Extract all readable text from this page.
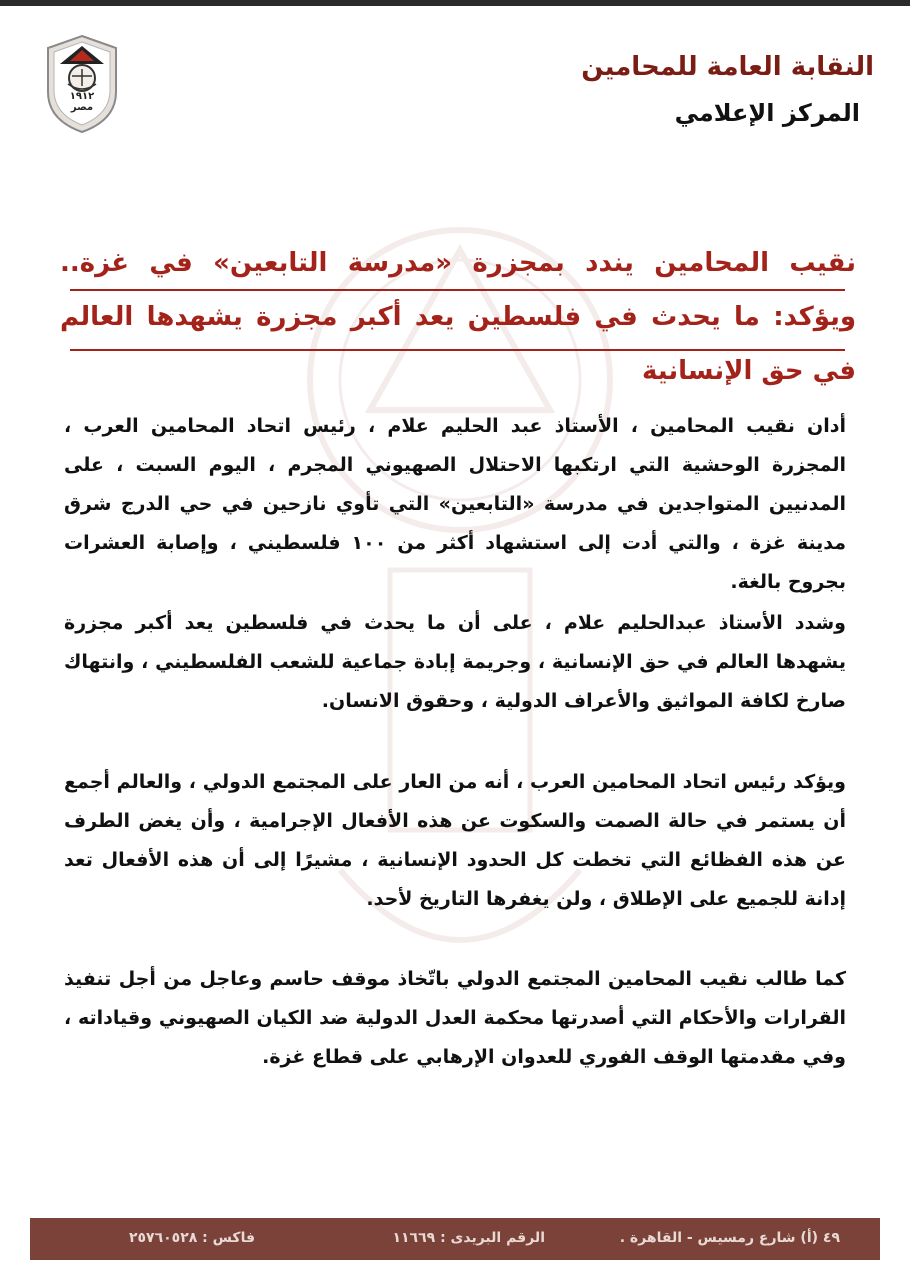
١٩١٢
مصر
النقابة العامة للمحامين
المركز الإعلامي
نقيب المحامين يندد بمجزرة «مدرسة التابعين» في غزة.. ويؤكد: ما يحدث في فلسطين يعد أكبر مجزرة يشهدها العالم في حق الإنسانية

أدان نقيب المحامين ، الأستاذ عبد الحليم علام ، رئيس اتحاد المحامين العرب ، المجزرة الوحشية التي ارتكبها الاحتلال الصهيوني المجرم ، اليوم السبت ، على المدنيين المتواجدين في مدرسة «التابعين» التي تأوي نازحين في حي الدرج شرق مدينة غزة ، والتي أدت إلى استشهاد أكثر من ١٠٠ فلسطيني ، وإصابة العشرات بجروح بالغة.

وشدد الأستاذ عبدالحليم علام ، على أن ما يحدث في فلسطين يعد أكبر مجزرة يشهدها العالم في حق الإنسانية ، وجريمة إبادة جماعية للشعب الفلسطيني ، وانتهاك صارخ لكافة المواثيق والأعراف الدولية ، وحقوق الانسان.

ويؤكد رئيس اتحاد المحامين العرب ، أنه من العار على المجتمع الدولي ، والعالم أجمع أن يستمر في حالة الصمت والسكوت عن هذه الأفعال الإجرامية ، وأن يغض الطرف عن هذه الفظائع التي تخطت كل الحدود الإنسانية ، مشيرًا إلى أن هذه الأفعال تعد إدانة للجميع على الإطلاق ، ولن يغفرها التاريخ لأحد.

كما طالب نقيب المحامين المجتمع الدولي باتّخاذ موقف حاسم وعاجل من أجل تنفيذ القرارات والأحكام التي أصدرتها محكمة العدل الدولية ضد الكيان الصهيوني وقياداته ، وفي مقدمتها الوقف الفوري للعدوان الإرهابي على قطاع غزة.

٤٩ (أ) شارع رمسيس - القاهرة .
الرقم البريدى : ١١٦٦٩
فاكس : ٢٥٧٦٠٥٢٨
